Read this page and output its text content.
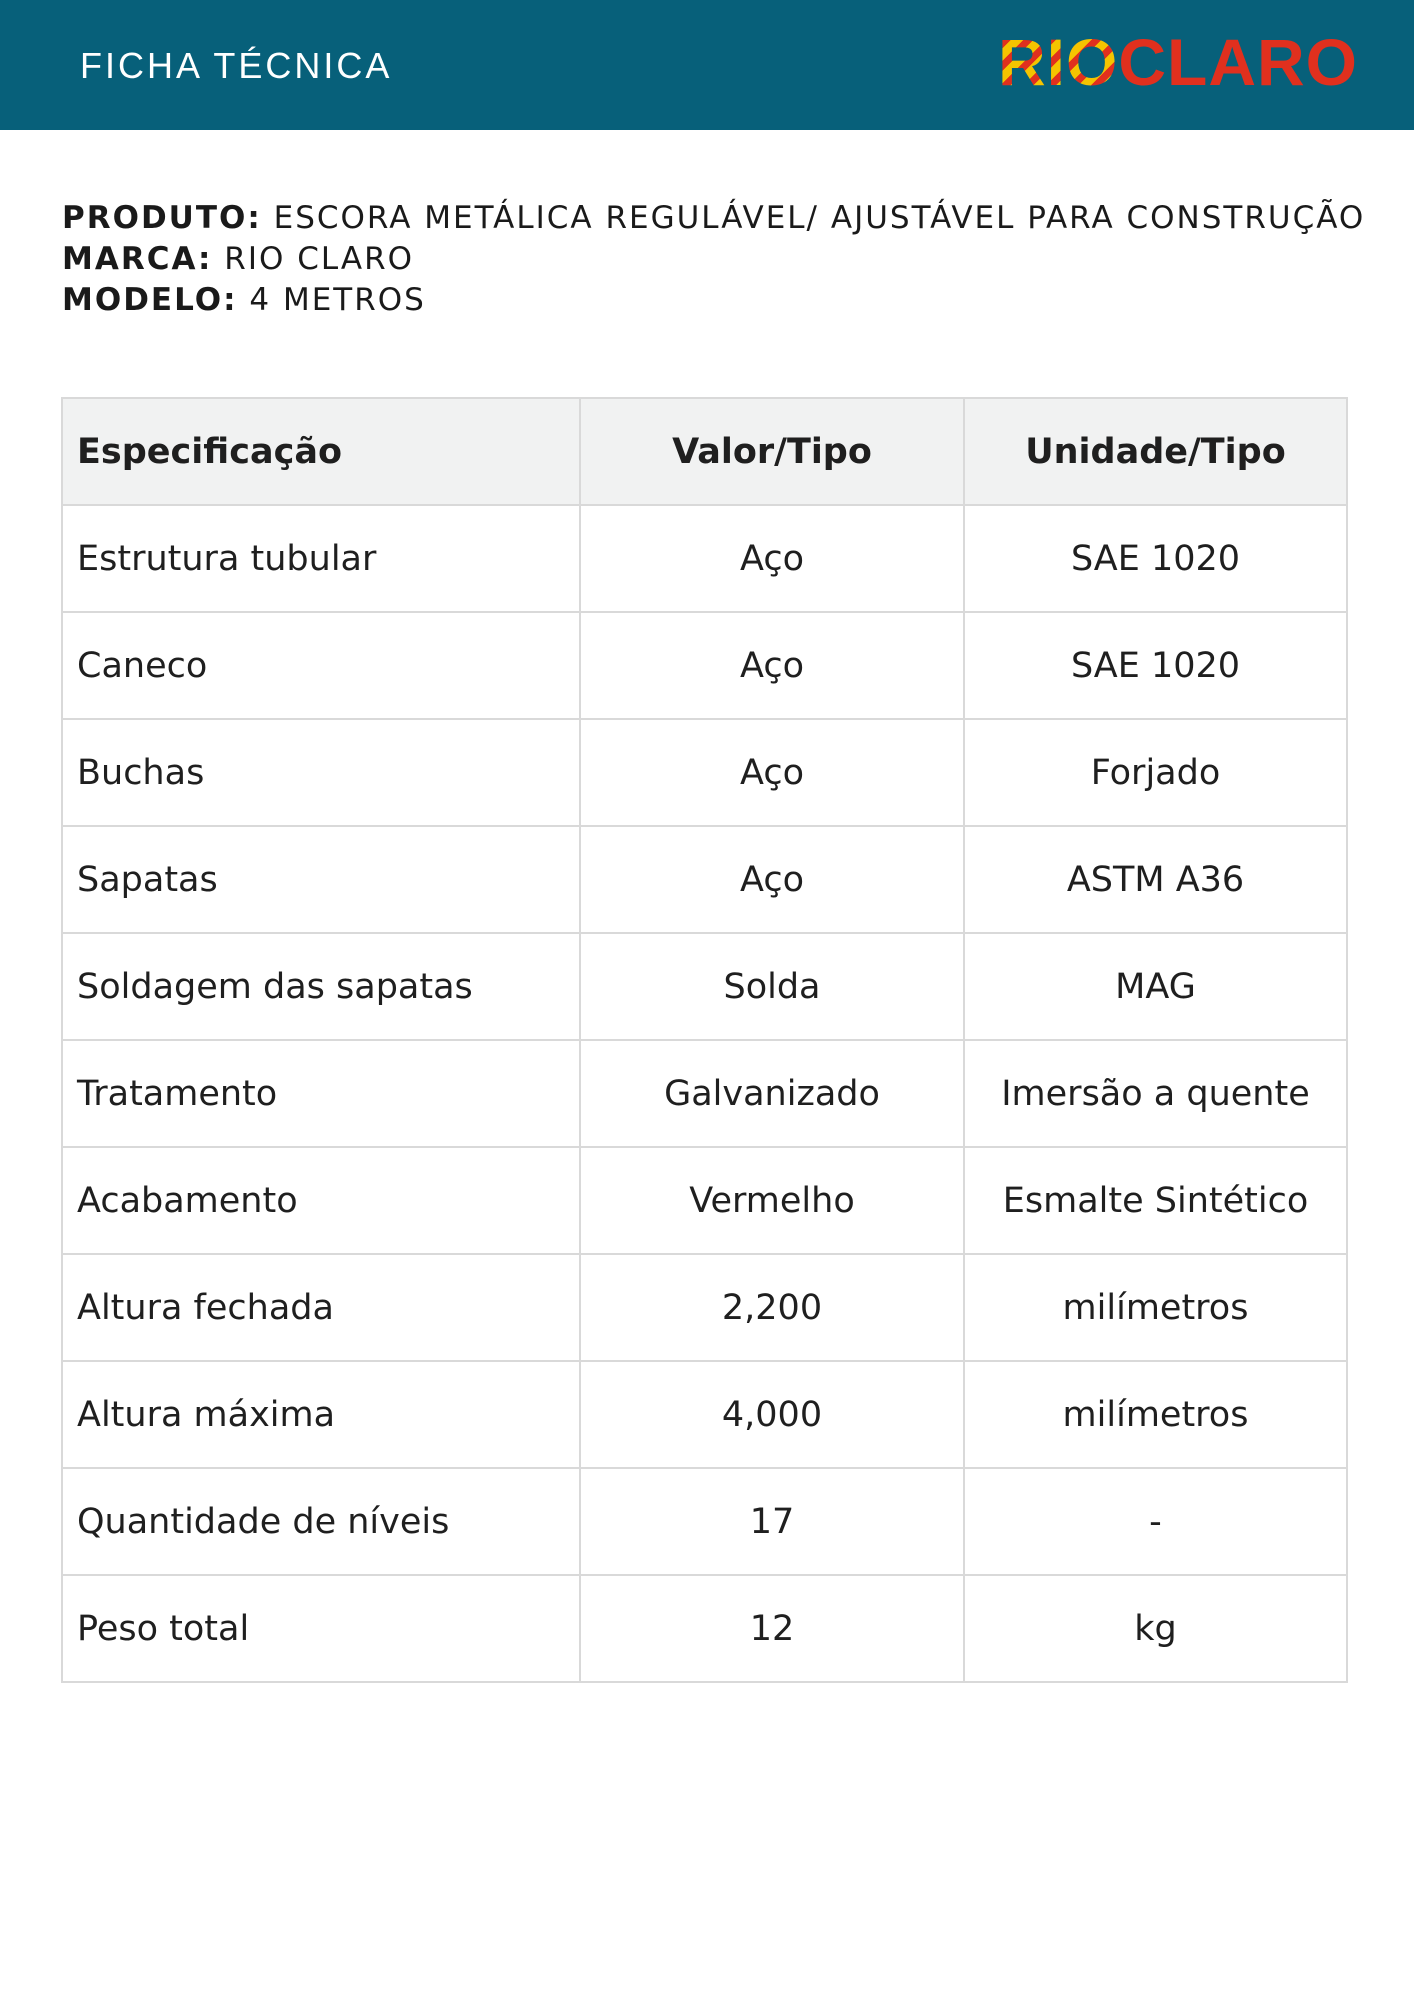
FICHA TÉCNICA	RIO CLARO
PRODUTO: ESCORA METÁLICA REGULÁVEL/ AJUSTÁVEL PARA CONSTRUÇÃO
MARCA: RIO CLARO
MODELO: 4 METROS
Especificação	Valor/Tipo	Unidade/Tipo
Estrutura tubular	Aço	SAE 1020
Caneco	Aço	SAE 1020
Buchas	Aço	Forjado
Sapatas	Aço	ASTM A36
Soldagem das sapatas	Solda	MAG
Tratamento	Galvanizado	Imersão a quente
Acabamento	Vermelho	Esmalte Sintético
Altura fechada	2,200	milímetros
Altura máxima	4,000	milímetros
Quantidade de níveis	17	-
Peso total	12	kg
